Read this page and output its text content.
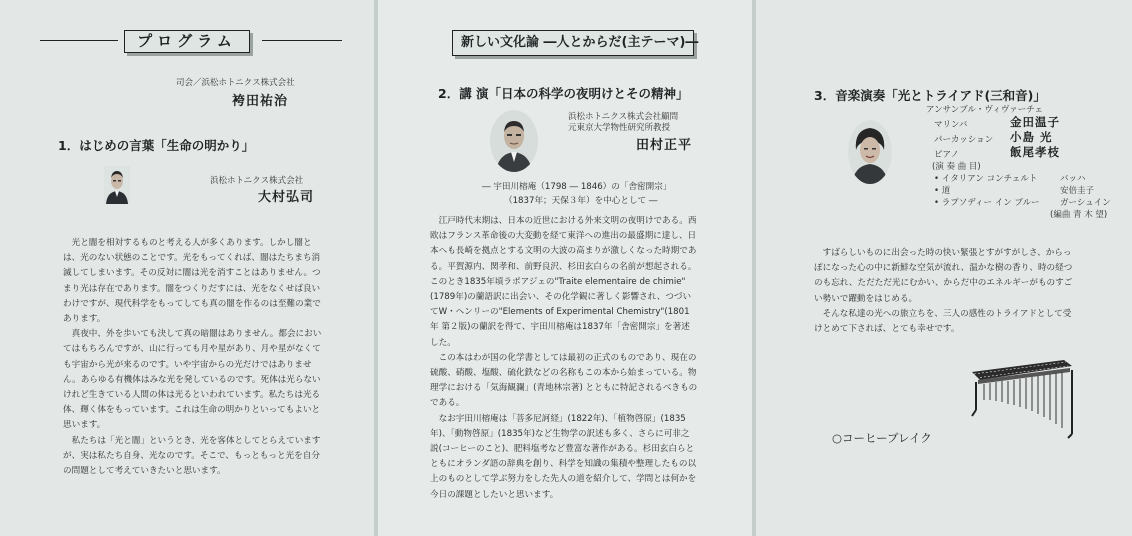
プログラム
司会／浜松ホトニクス株式会社
袴田祐治
1．はじめの言葉「生命の明かり」
浜松ホトニクス株式会社
大村弘司

光と闇を相対するものと考える人が多くあります。しかし闇とは、光のない状態のことです。光をもってくれば、闇はたちまち消滅してしまいます。その反対に闇は光を消すことはありません。つまり光は存在であります。闇をつくりだすには、光をなくせば良いわけですが、現代科学をもってしても真の闇を作るのは至難の業であります。

真夜中、外を歩いても決して真の暗闇はありません。都会においてはもちろんですが、山に行っても月や星があり、月や星がなくても宇宙から光が来るのです。いや宇宙からの光だけではありません。あらゆる有機体はみな光を発しているのです。死体は光らないけれど生きている人間の体は光るといわれています。私たちは光る体、輝く体をもっています。これは生命の明かりといってもよいと思います。

私たちは「光と闇」というとき、光を客体としてとらえていますが、実は私たち自身、光なのです。そこで、もっともっと光を自分の問題として考えていきたいと思います。

新しい文化論 ―人とからだ(主テーマ)―
2．講 演「日本の科学の夜明けとその精神」
浜松ホトニクス株式会社顧問
元東京大学物性研究所教授
田村正平
― 宇田川榕庵（1798 ― 1846）の「舎密開宗」
（1837年；天保３年）を中心として ―

江戸時代末期は、日本の近世における外来文明の夜明けである。西欧はフランス革命後の大変動を経て東洋への進出の最盛期に達し、日本へも長崎を拠点とする文明の大波の高まりが激しくなった時期である。平賀源内、関孝和、前野良沢、杉田玄白らの名前が想起される。このとき1835年頃ラボアジェの"Traite elementaire de chimie"(1789年)の蘭語訳に出会い、その化学観に著しく影響され、つづいてW・ヘンリーの"Elements of Experimental Chemistry"(1801年 第２版)の蘭訳を得て、宇田川榕庵は1837年「舎密開宗」を著述した。

この本はわが国の化学書としては最初の正式のものであり、現在の硫酸、硝酸、塩酸、硫化鉄などの名称もこの本から始まっている。物理学における「気海観瀾」(青地林宗著) とともに特記されるべきものである。

なお宇田川榕庵は「菩多尼訶経」(1822年)、「植物啓原」(1835年)、「動物啓原」(1835年)など生物学の訳述も多く、さらに可非之説(コーヒーのこと)、肥料塩考など豊富な著作がある。杉田玄白らとともにオランダ語の辞典を創り、科学を知識の集積や整理したもの以上のものとして学ぶ努力をした先人の道を紹介して、学問とは何かを今日の課題としたいと思います。

3．音楽演奏「光とトライアド(三和音)」
アンサンブル・ヴィヴァーチェ
マリンバ	金田温子
パーカッション 小島 光
ピアノ	飯尾孝枝
(演 奏 曲 目)
• イタリアン コンチェルト	バッハ
• 道	安倍圭子
• ラプソディー イン ブルー ガーシュイン
(編曲 青 木 望)

すばらしいものに出会った時の快い緊張とすがすがしさ、からっぽになった心の中に新鮮な空気が流れ、温かな樹の香り、時の経つのも忘れ、ただただ光にむかい、からだ中のエネルギーがものすごい勢いで躍動をはじめる。

そんな私達の光への旅立ちを、三人の感性のトライアドとして受けとめて下されば、とても幸せです。

○コーヒーブレイク
